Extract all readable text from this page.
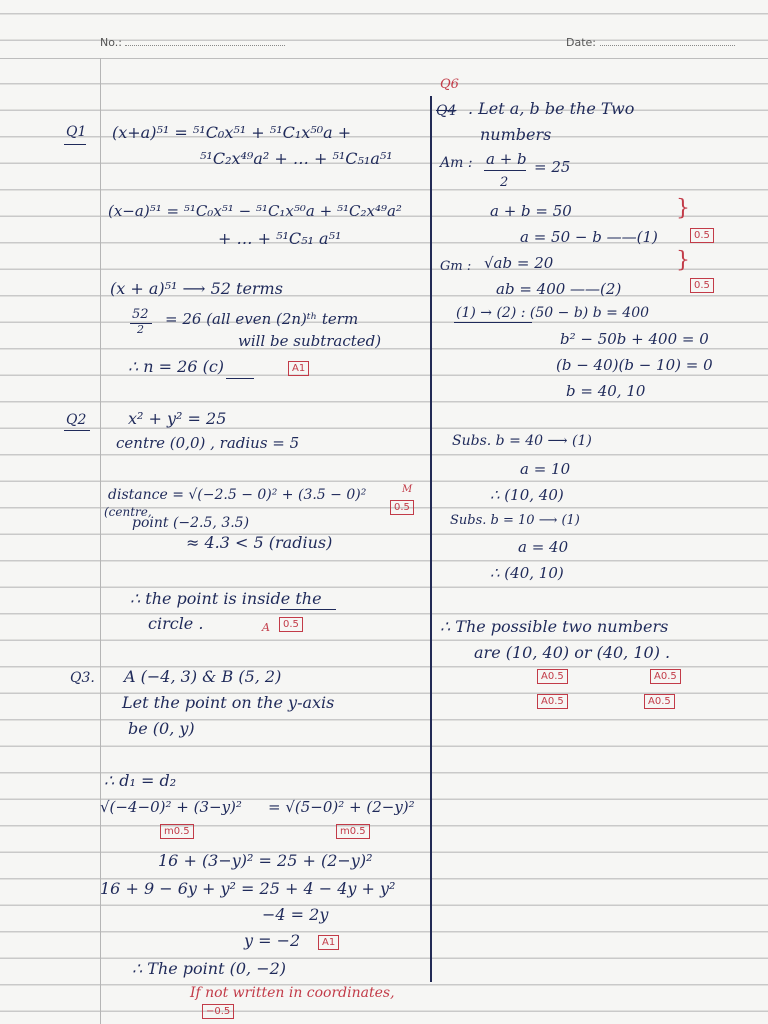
No.:	Date:
Q1 (x+a)⁵¹ = ⁵¹C₀x⁵¹ + ⁵¹C₁x⁵⁰a +
⁵¹C₂x⁴⁹a² + … + ⁵¹C₅₁a⁵¹
(x−a)⁵¹ = ⁵¹C₀x⁵¹ − ⁵¹C₁x⁵⁰a + ⁵¹C₂x⁴⁹a²
+ … + ⁵¹C₅₁ a⁵¹
(x + a)⁵¹ ⟶ 52 terms
52
2
= 26 (all even (2n)ᵗʰ term
will be subtracted)
∴ n = 26 (c)	A1
Q2	x² + y² = 25
centre (0,0) , radius = 5
distance = √(−2.5 − 0)² + (3.5 − 0)²
(centre,
M
0.5
point (−2.5, 3.5)
≈ 4.3 < 5 (radius)
∴ the point is inside the
circle .	A	0.5
Q3. A (−4, 3) & B (5, 2)
Let the point on the y-axis
be (0, y)
∴ d₁ = d₂
√(−4−0)² + (3−y)² = √(5−0)² + (2−y)²
m0.5	m0.5
16 + (3−y)² = 25 + (2−y)²
16 + 9 − 6y + y² = 25 + 4 − 4y + y²
−4 = 2y
y = −2	A1
∴ The point (0, −2)
If not written in coordinates,
−0.5
Q6
Q4 . Let a, b be the Two
numbers
Am : a + b
2
= 25
a + b = 50
a = 50 − b ——(1)
}
0.5
Gm : √ab = 20
ab = 400 ——(2)
}
0.5
(1) → (2) : (50 − b) b = 400
b² − 50b + 400 = 0
(b − 40)(b − 10) = 0
b = 40, 10
Subs. b = 40 ⟶ (1)
a = 10
∴ (10, 40)
Subs. b = 10 ⟶ (1)
a = 40
∴ (40, 10)
∴ The possible two numbers
are (10, 40) or (40, 10) .
A0.5	A0.5
A0.5	A0.5
